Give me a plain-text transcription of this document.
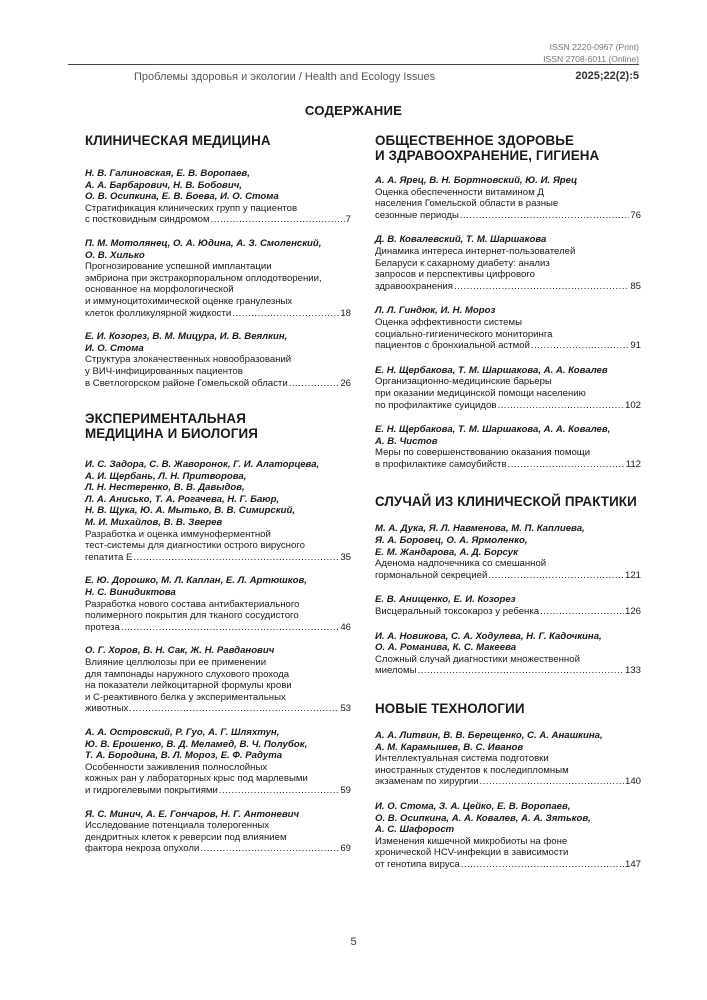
ISSN 2220-0967 (Print)
ISSN 2708-6011 (Online)
Проблемы здоровья и экологии / Health and Ecology Issues	2025;22(2):5
СОДЕРЖАНИЕ
КЛИНИЧЕСКАЯ МЕДИЦИНА
Н. В. Галиновская, Е. В. Воропаев,
А. А. Барбарович, Н. В. Бобович,
О. В. Осипкина, Е. В. Боева, И. О. Стома
Стратификация клинических групп у пациентов
с постковидным синдромом .....	7
П. М. Мотолянец, О. А. Юдина, А. З. Смоленский,
О. В. Хилько
Прогнозирование успешной имплантации
эмбриона при экстракорпоральном оплодотворении,
основанное на морфологической
и иммуноцитохимической оценке гранулезных
клеток фолликулярной жидкости .....	18
Е. И. Козорез, В. М. Мицура, И. В. Веялкин,
И. О. Стома
Структура злокачественных новообразований
у ВИЧ-инфицированных пациентов
в Светлогорском районе Гомельской области .....	26
ЭКСПЕРИМЕНТАЛЬНАЯ
МЕДИЦИНА И БИОЛОГИЯ
И. С. Задора, С. В. Жаворонок, Г. И. Алаторцева,
А. И. Щербань, Л. Н. Притворова,
Л. Н. Нестеренко, В. В. Давыдов,
Л. А. Анисько, Т. А. Рогачева, Н. Г. Баюр,
Н. В. Щука, Ю. А. Мытько, В. В. Симирский,
М. И. Михайлов, В. В. Зверев
Разработка и оценка иммуноферментной
тест-системы для диагностики острого вирусного
гепатита Е .....	35
Е. Ю. Дорошко, М. Л. Каплан, Е. Л. Артюшков,
Н. С. Винидиктова
Разработка нового состава антибактериального
полимерного покрытия для тканого сосудистого
протеза .....	46
О. Г. Хоров, В. Н. Сак, Ж. Н. Равданович
Влияние целлюлозы при ее применении
для тампонады наружного слухового прохода
на показатели лейкоцитарной формулы крови
и С-реактивного белка у экспериментальных
животных .....	53
А. А. Островский, Р. Гуо, А. Г. Шляхтун,
Ю. В. Ерошенко, В. Д. Меламед, В. Ч. Полубок,
Т. А. Бородина, В. Л. Мороз, Е. Ф. Радута
Особенности заживления полнослойных
кожных ран у лабораторных крыс под марлевыми
и гидрогелевыми покрытиями .....	59
Я. С. Минич, А. Е. Гончаров, Н. Г. Антоневич
Исследование потенциала толерогенных
дендритных клеток к реверсии под влиянием
фактора некроза опухоли .....	69
ОБЩЕСТВЕННОЕ ЗДОРОВЬЕ
И ЗДРАВООХРАНЕНИЕ, ГИГИЕНА
А. А. Ярец, В. Н. Бортновский, Ю. И. Ярец
Оценка обеспеченности витамином Д
населения Гомельской области в разные
сезонные периоды .....	76
Д. В. Ковалевский, Т. М. Шаршакова
Динамика интереса интернет-пользователей
Беларуси к сахарному диабету: анализ
запросов и перспективы цифрового
здравоохранения .....	85
Л. Л. Гиндюк, И. Н. Мороз
Оценка эффективности системы
социально-гигиенического мониторинга
пациентов с бронхиальной астмой .....	91
Е. Н. Щербакова, Т. М. Шаршакова, А. А. Ковалев
Организационно-медицинские барьеры
при оказании медицинской помощи населению
по профилактике суицидов .....	102
Е. Н. Щербакова, Т. М. Шаршакова, А. А. Ковалев,
А. В. Чистов
Меры по совершенствованию оказания помощи
в профилактике самоубийств .....	112
СЛУЧАЙ ИЗ КЛИНИЧЕСКОЙ ПРАКТИКИ
М. А. Дука, Я. Л. Навменова, М. П. Каплиева,
Я. А. Боровец, О. А. Ярмоленко,
Е. М. Жандарова, А. Д. Борсук
Аденома надпочечника со смешанной
гормональной секрецией .....	121
Е. В. Анищенко, Е. И. Козорез
Висцеральный токсокароз у ребенка .....	126
И. А. Новикова, С. А. Ходулева, Н. Г. Кадочкина,
О. А. Романива, К. С. Макеева
Сложный случай диагностики множественной
миеломы .....	133
НОВЫЕ ТЕХНОЛОГИИ
А. А. Литвин, В. В. Берещенко, С. А. Анашкина,
А. М. Карамышев, В. С. Иванов
Интеллектуальная система подготовки
иностранных студентов к последипломным
экзаменам по хирургии .....	140
И. О. Стома, З. А. Цейко, Е. В. Воропаев,
О. В. Осипкина, А. А. Ковалев, А. А. Зятьков,
А. С. Шафорост
Изменения кишечной микробиоты на фоне
хронической HCV-инфекции в зависимости
от генотипа вируса .....	147
5
